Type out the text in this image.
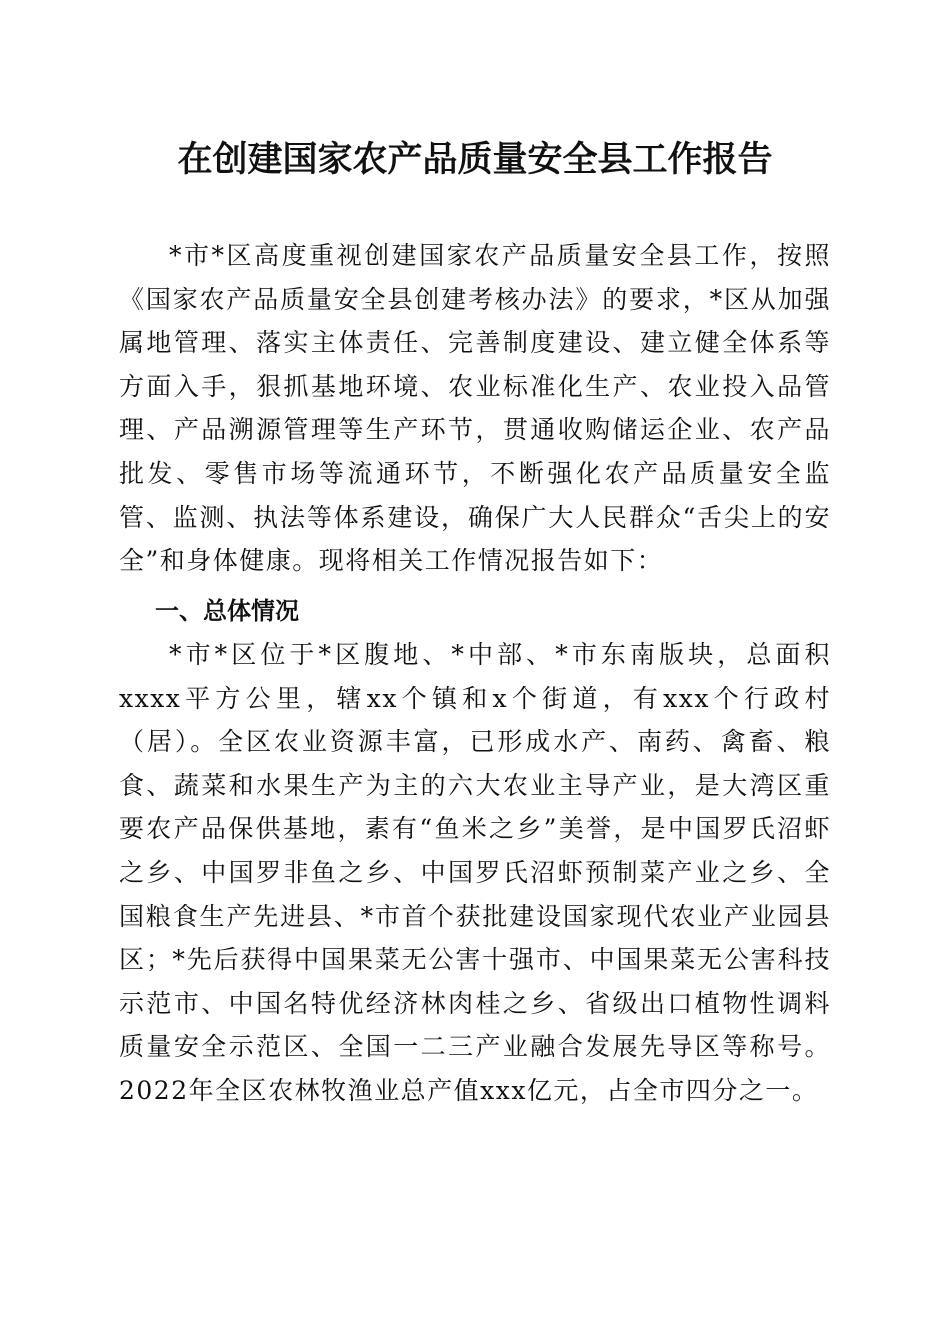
在创建国家农产品质量安全县工作报告

*市*区高度重视创建国家农产品质量安全县工作，按照《国家农产品质量安全县创建考核办法》的要求，*区从加强属地管理、落实主体责任、完善制度建设、建立健全体系等方面入手，狠抓基地环境、农业标准化生产、农业投入品管理、产品溯源管理等生产环节，贯通收购储运企业、农产品批发、零售市场等流通环节，不断强化农产品质量安全监管、监测、执法等体系建设，确保广大人民群众“舌尖上的安全”和身体健康。现将相关工作情况报告如下：

一、总体情况

*市*区位于*区腹地、*中部、*市东南版块，总面积xxxx平方公里，辖xx个镇和x个街道，有xxx个行政村（居）。全区农业资源丰富，已形成水产、南药、禽畜、粮食、蔬菜和水果生产为主的六大农业主导产业，是大湾区重要农产品保供基地，素有“鱼米之乡”美誉，是中国罗氏沼虾之乡、中国罗非鱼之乡、中国罗氏沼虾预制菜产业之乡、全国粮食生产先进县、*市首个获批建设国家现代农业产业园县区；*先后获得中国果菜无公害十强市、中国果菜无公害科技示范市、中国名特优经济林肉桂之乡、省级出口植物性调料质量安全示范区、全国一二三产业融合发展先导区等称号。2022年全区农林牧渔业总产值xxx亿元，占全市四分之一。
